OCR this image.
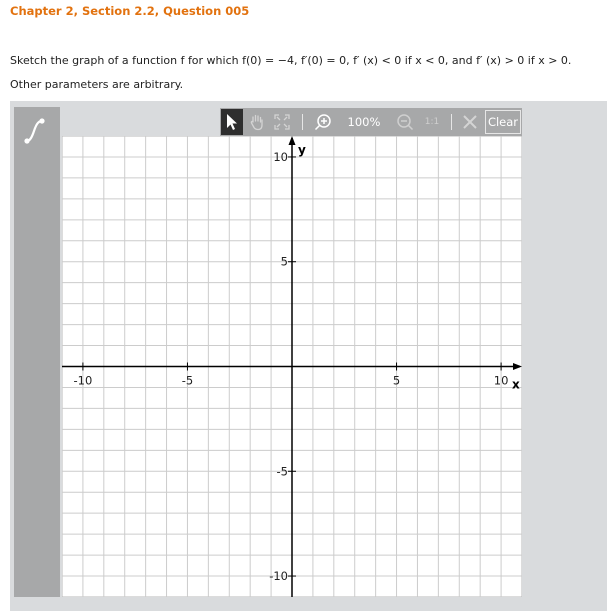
Chapter 2, Section 2.2, Question 005
Sketch the graph of a function f for which f(0) = −4, f′(0) = 0, f′ (x) < 0 if x < 0, and f′ (x) > 0 if x > 0.
Other parameters are arbitrary.
100%	1:1	Clear
x
y
-10	-5	5	10
10
5
-5
-10
